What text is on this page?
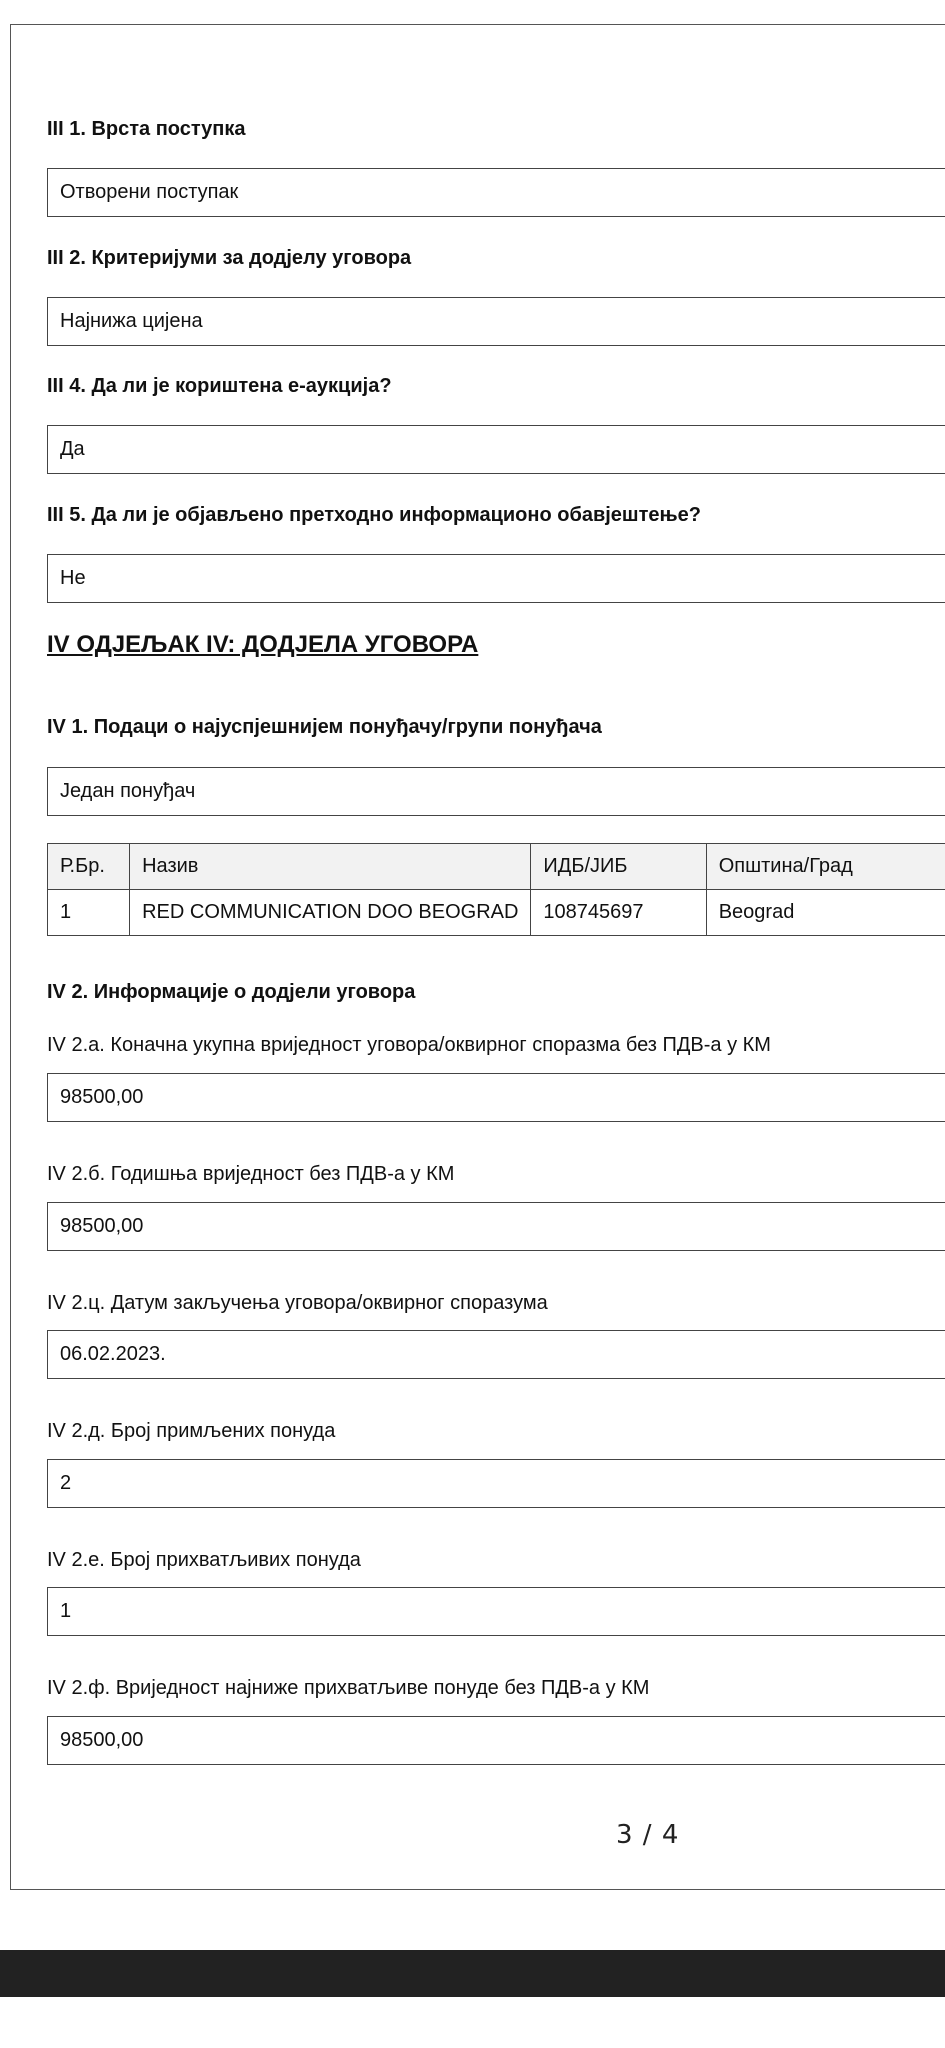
III 1. Врста поступка
Отворени поступак
III 2. Критеријуми за додјелу уговора
Најнижа цијена
III 4. Да ли је кориштена е-аукција?
Да
III 5. Да ли је објављено претходно информационо обавјештење?
Не
IV ОДЈЕЉАК IV: ДОДЈЕЛА УГОВОРА
IV 1. Подаци о најуспјешнијем понуђачу/групи понуђача
Један понуђач
Р.Бр.	Назив	ИДБ/ЈИБ	Општина/Град
1	RED COMMUNICATION DOO BEOGRAD	108745697	Beograd
IV 2. Информације о додјели уговора
IV 2.а. Коначна укупна вриједност уговора/оквирног споразма без ПДВ-а у КМ
98500,00
IV 2.б. Годишња вриједност без ПДВ-а у КМ
98500,00
IV 2.ц. Датум закључења уговора/оквирног споразума
06.02.2023.
IV 2.д. Број примљених понуда
2
IV 2.е. Број прихватљивих понуда
1
IV 2.ф. Вриједност најниже прихватљиве понуде без ПДВ-а у КМ
98500,00
3 / 4
